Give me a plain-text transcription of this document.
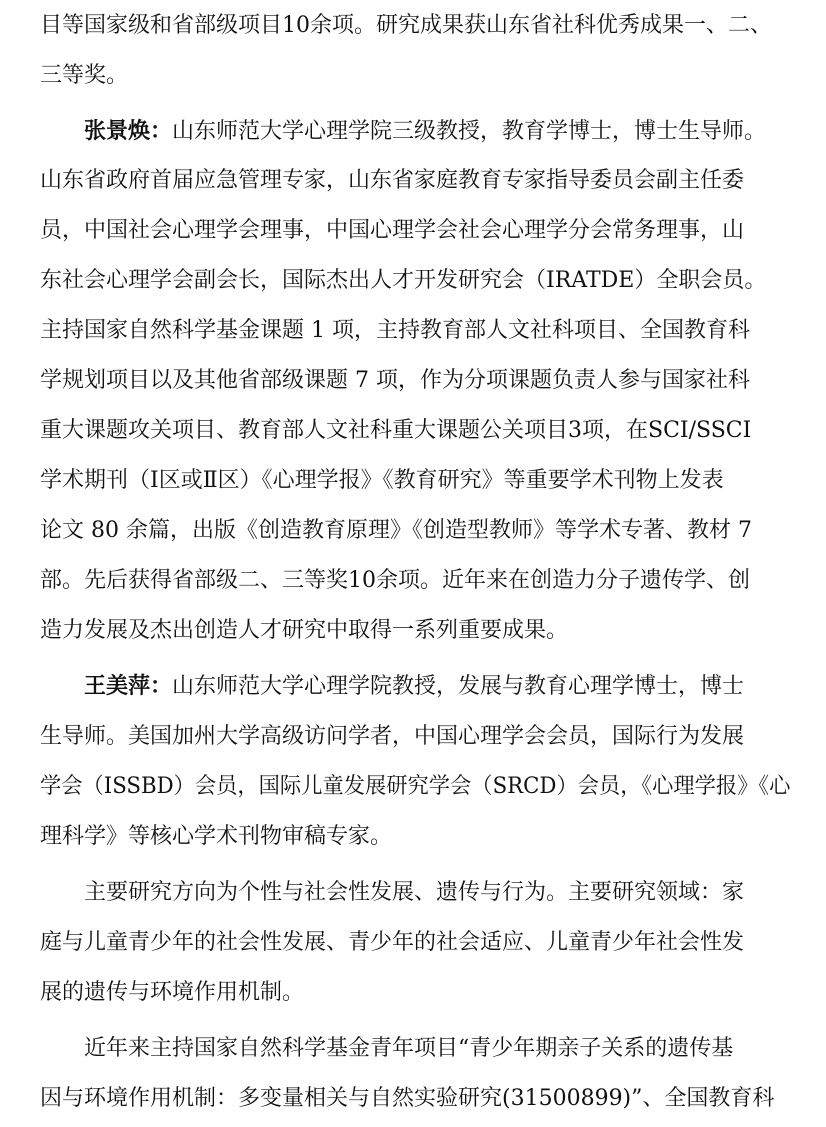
目等国家级和省部级项目10余项。研究成果获山东省社科优秀成果一、二、
三等奖。
张景焕：山东师范大学心理学院三级教授，教育学博士，博士生导师。
山东省政府首届应急管理专家，山东省家庭教育专家指导委员会副主任委
员，中国社会心理学会理事，中国心理学会社会心理学分会常务理事，山
东社会心理学会副会长，国际杰出人才开发研究会（IRATDE）全职会员。
主持国家自然科学基金课题 1 项，主持教育部人文社科项目、全国教育科
学规划项目以及其他省部级课题 7 项，作为分项课题负责人参与国家社科
重大课题攻关项目、教育部人文社科重大课题公关项目3项，在SCI/SSCI
学术期刊（Ⅰ区或Ⅱ区）《心理学报》《教育研究》等重要学术刊物上发表
论文 80 余篇，出版《创造教育原理》《创造型教师》等学术专著、教材 7
部。先后获得省部级二、三等奖10余项。近年来在创造力分子遗传学、创
造力发展及杰出创造人才研究中取得一系列重要成果。
王美萍：山东师范大学心理学院教授，发展与教育心理学博士，博士
生导师。美国加州大学高级访问学者，中国心理学会会员，国际行为发展
学会（ISSBD）会员，国际儿童发展研究学会（SRCD）会员，《心理学报》《心
理科学》等核心学术刊物审稿专家。
主要研究方向为个性与社会性发展、遗传与行为。主要研究领域：家
庭与儿童青少年的社会性发展、青少年的社会适应、儿童青少年社会性发
展的遗传与环境作用机制。
近年来主持国家自然科学基金青年项目“青少年期亲子关系的遗传基
因与环境作用机制：多变量相关与自然实验研究(31500899)”、全国教育科
